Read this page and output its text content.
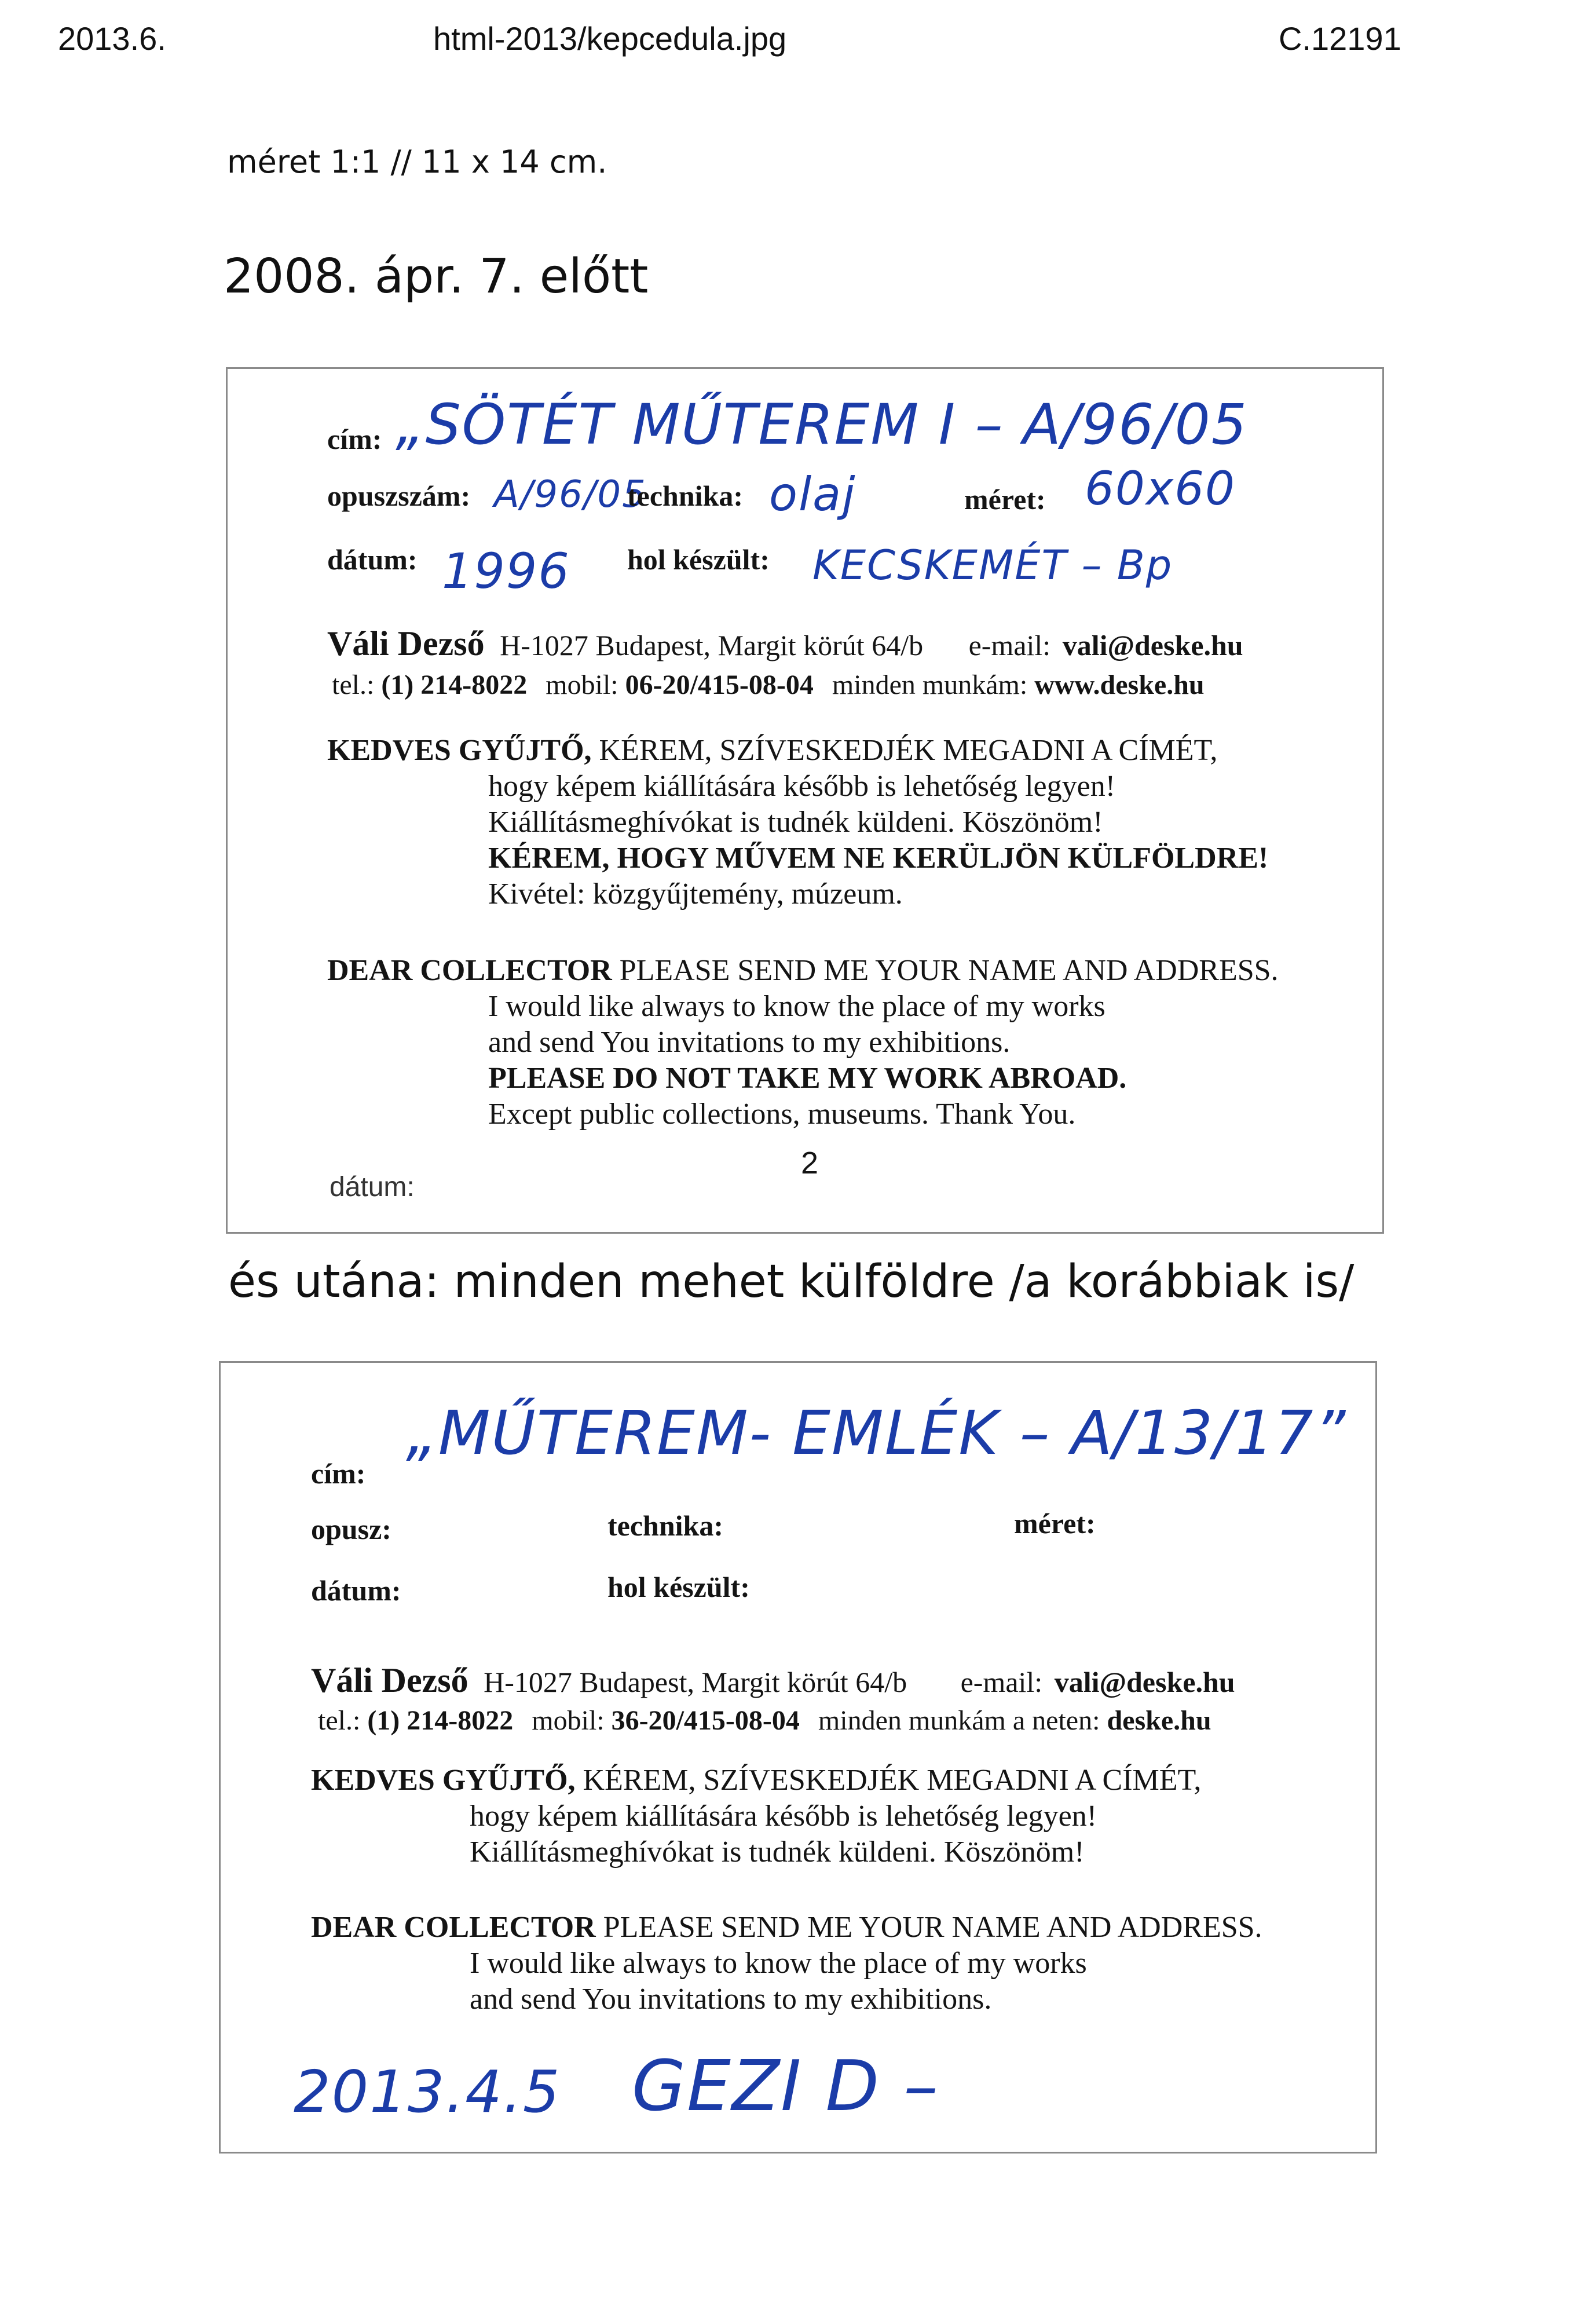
2013.6.	html-2013/kepcedula.jpg	C.12191
méret 1:1 // 11 x 14 cm.
2008. ápr. 7. előtt
cím: „SÖTÉT MŰTEREM I – A/96/05
opuszszám: A/96/05
technika: olaj	méret: 60x60
dátum: 1996 hol készült: KECSKEMÉT – Bp
Váli Dezső H-1027 Budapest, Margit körút 64/b e-mail: vali@deske.hu
tel.: (1) 214-8022 mobil: 06-20/415-08-04 minden munkám: www.deske.hu
KEDVES GYŰJTŐ, KÉREM, SZÍVESKEDJÉK MEGADNI A CÍMÉT,
hogy képem kiállítására később is lehetőség legyen!
Kiállításmeghívókat is tudnék küldeni. Köszönöm!
KÉREM, HOGY MŰVEM NE KERÜLJÖN KÜLFÖLDRE!
Kivétel: közgyűjtemény, múzeum.
DEAR COLLECTOR PLEASE SEND ME YOUR NAME AND ADDRESS.
I would like always to know the place of my works
and send You invitations to my exhibitions.
PLEASE DO NOT TAKE MY WORK ABROAD.
Except public collections, museums. Thank You.
dátum:
2
és utána: minden mehet külföldre /a korábbiak is/
cím:
„MŰTEREM- EMLÉK – A/13/17”
opusz:	technika:	méret:
dátum:	hol készült:
Váli Dezső H-1027 Budapest, Margit körút 64/b e-mail: vali@deske.hu
tel.: (1) 214-8022 mobil: 36-20/415-08-04 minden munkám a neten: deske.hu
KEDVES GYŰJTŐ, KÉREM, SZÍVESKEDJÉK MEGADNI A CÍMÉT,
hogy képem kiállítására később is lehetőség legyen!
Kiállításmeghívókat is tudnék küldeni. Köszönöm!
DEAR COLLECTOR PLEASE SEND ME YOUR NAME AND ADDRESS.
I would like always to know the place of my works
and send You invitations to my exhibitions.
2013.4.5 GEZI D –
